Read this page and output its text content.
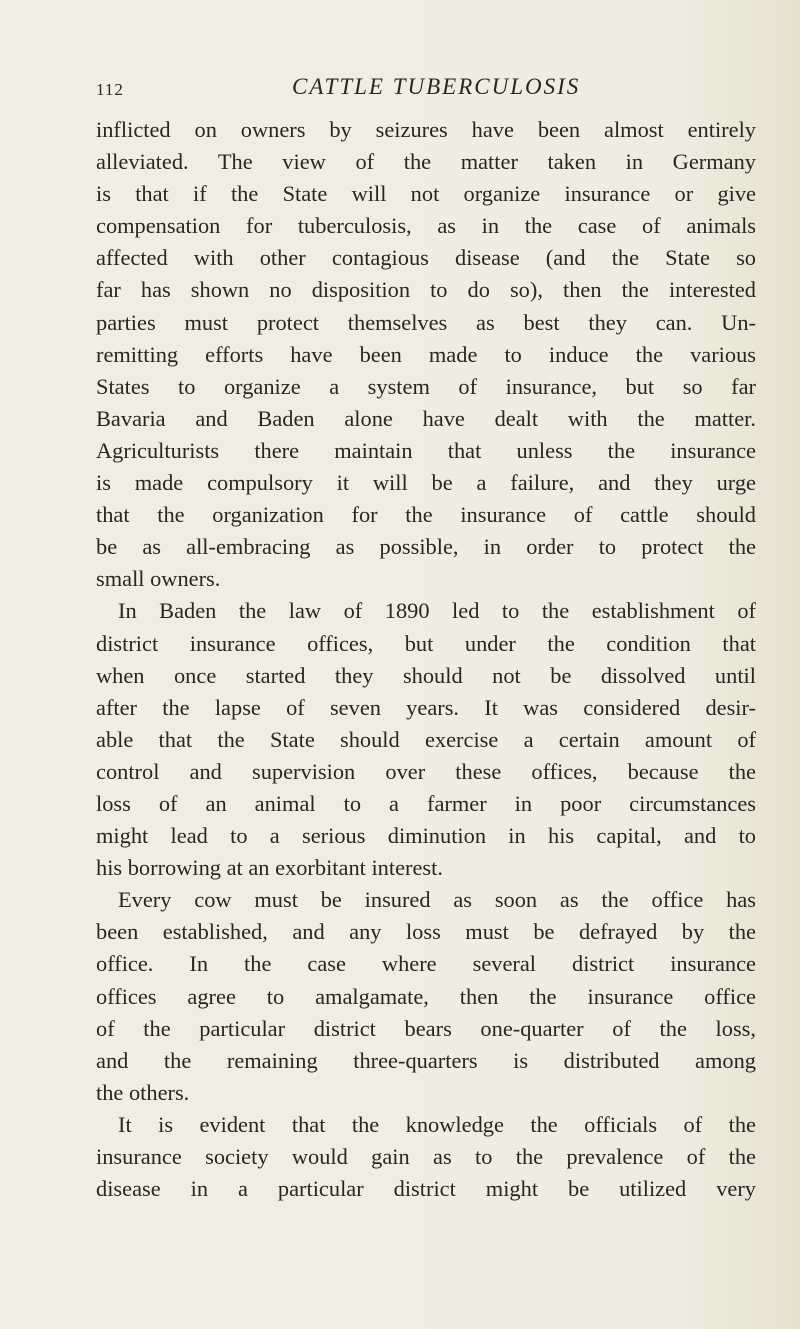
112	CATTLE TUBERCULOSIS
inflicted on owners by seizures have been almost entirely
alleviated. The view of the matter taken in Germany
is that if the State will not organize insurance or give
compensation for tuberculosis, as in the case of animals
affected with other contagious disease (and the State so
far has shown no disposition to do so), then the interested
parties must protect themselves as best they can. Un-
remitting efforts have been made to induce the various
States to organize a system of insurance, but so far
Bavaria and Baden alone have dealt with the matter.
Agriculturists there maintain that unless the insurance
is made compulsory it will be a failure, and they urge
that the organization for the insurance of cattle should
be as all-embracing as possible, in order to protect the
small owners.
In Baden the law of 1890 led to the establishment of
district insurance offices, but under the condition that
when once started they should not be dissolved until
after the lapse of seven years. It was considered desir-
able that the State should exercise a certain amount of
control and supervision over these offices, because the
loss of an animal to a farmer in poor circumstances
might lead to a serious diminution in his capital, and to
his borrowing at an exorbitant interest.
Every cow must be insured as soon as the office has
been established, and any loss must be defrayed by the
office. In the case where several district insurance
offices agree to amalgamate, then the insurance office
of the particular district bears one-quarter of the loss,
and the remaining three-quarters is distributed among
the others.
It is evident that the knowledge the officials of the
insurance society would gain as to the prevalence of the
disease in a particular district might be utilized very
